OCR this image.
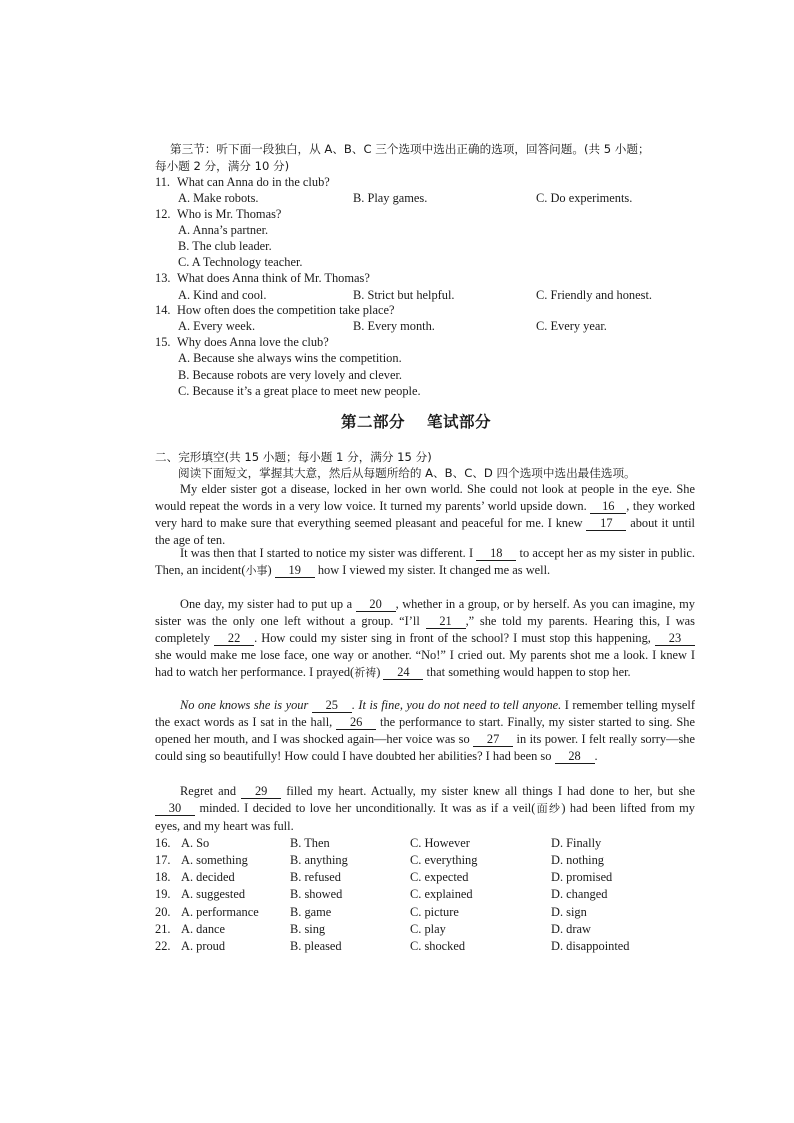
第三节：听下面一段独白，从 A、B、C 三个选项中选出正确的选项，回答问题。(共 5 小题；
每小题 2 分，满分 10 分)
11. What can Anna do in the club?
A. Make robots.	B. Play games.	C. Do experiments.
12. Who is Mr. Thomas?
A. Anna’s partner.
B. The club leader.
C. A Technology teacher.
13. What does Anna think of Mr. Thomas?
A. Kind and cool.	B. Strict but helpful.	C. Friendly and honest.
14. How often does the competition take place?
A. Every week.	B. Every month.	C. Every year.
15. Why does Anna love the club?
A. Because she always wins the competition.
B. Because robots are very lovely and clever.
C. Because it’s a great place to meet new people.
第二部分 笔试部分
二、完形填空(共 15 小题；每小题 1 分，满分 15 分)
阅读下面短文，掌握其大意，然后从每题所给的 A、B、C、D 四个选项中选出最佳选项。

My elder sister got a disease, locked in her own world. She could not look at people in the eye. She would repeat the words in a very low voice. It turned my parents’ world upside down. 16 , they worked very hard to make sure that everything seemed pleasant and peaceful for me. I knew 17 about it until the age of ten.

It was then that I started to notice my sister was different. I 18 to accept her as my sister in public. Then, an incident(小事) 19 how I viewed my sister. It changed me as well.

One day, my sister had to put up a 20 , whether in a group, or by herself. As you can imagine, my sister was the only one left without a group. “I’ll 21 ,” she told my parents. Hearing this, I was completely 22 . How could my sister sing in front of the school? I must stop this happening, 23she would make me lose face, one way or another. “No!” I cried out. My parents shot me a look. I knew I had to watch her performance. I prayed(祈祷) 24 that something would happen to stop her.

No one knows she is your 25 . It is fine, you do not need to tell anyone. I remember telling myself the exact words as I sat in the hall, 26 the performance to start. Finally, my sister started to sing. She opened her mouth, and I was shocked again—her voice was so 27 in its power. I felt really sorry—she could sing so beautifully! How could I have doubted her abilities? I had been so 28 .

Regret and 29 filled my heart. Actually, my sister knew all things I had done to her, but she 30 minded. I decided to love her unconditionally. It was as if a veil(面纱) had been lifted from my eyes, and my heart was full.

16. A. So	B. Then	C. However	D. Finally
17. A. something	B. anything	C. everything	D. nothing
18. A. decided	B. refused	C. expected	D. promised
19. A. suggested	B. showed	C. explained	D. changed
20. A. performance	B. game	C. picture	D. sign
21. A. dance	B. sing	C. play	D. draw
22. A. proud	B. pleased	C. shocked	D. disappointed
